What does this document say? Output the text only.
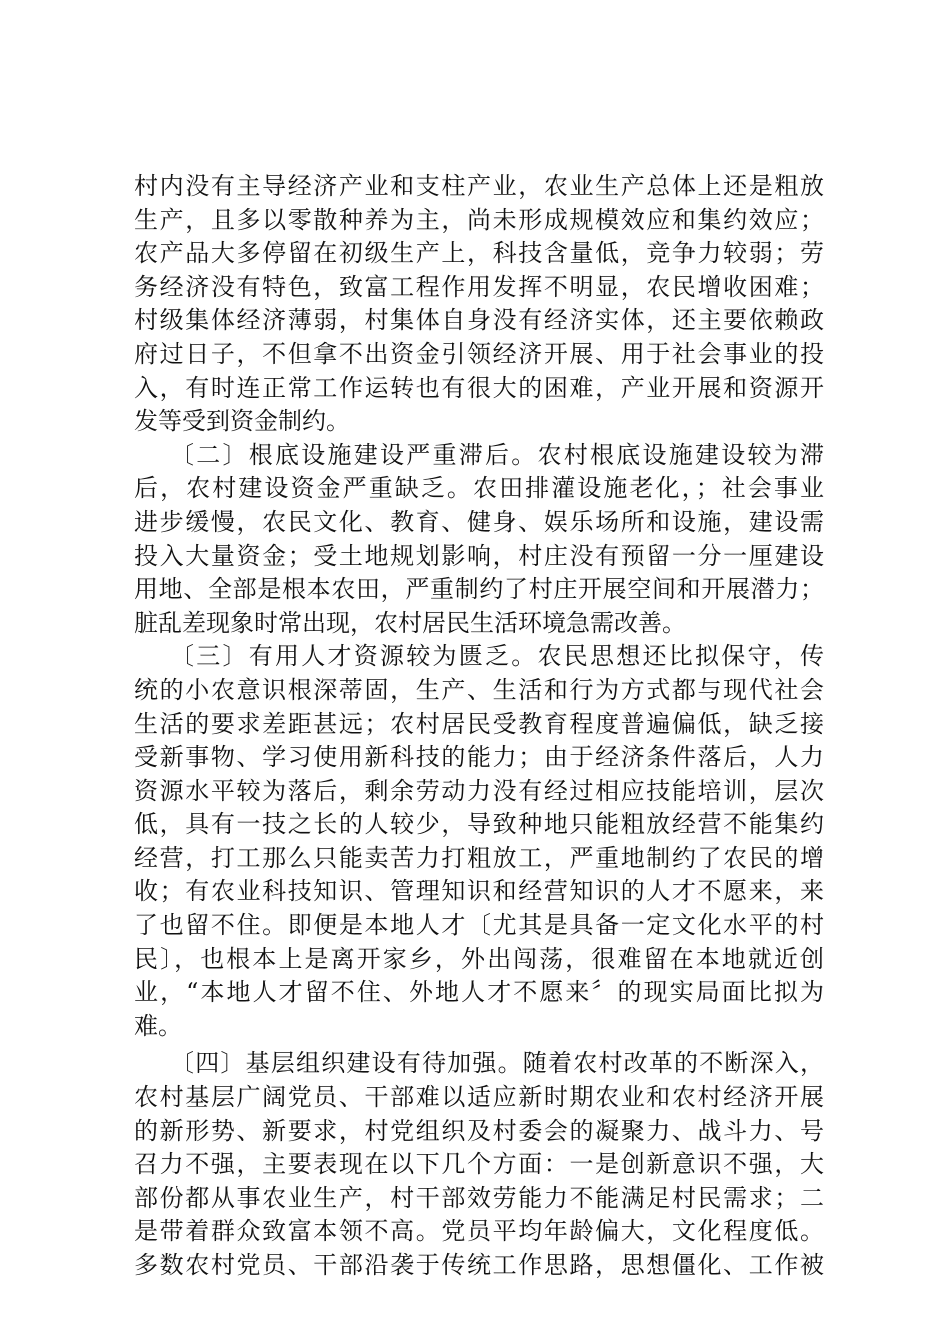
村内没有主导经济产业和支柱产业，农业生产总体上还是粗放
生产，且多以零散种养为主，尚未形成规模效应和集约效应；
农产品大多停留在初级生产上，科技含量低，竞争力较弱；劳
务经济没有特色，致富工程作用发挥不明显，农民增收困难；
村级集体经济薄弱，村集体自身没有经济实体，还主要依赖政
府过日子，不但拿不出资金引领经济开展、用于社会事业的投
入，有时连正常工作运转也有很大的困难，产业开展和资源开
发等受到资金制约。
〔二〕根底设施建设严重滞后。农村根底设施建设较为滞
后，农村建设资金严重缺乏。农田排灌设施老化，；社会事业
进步缓慢，农民文化、教育、健身、娱乐场所和设施，建设需
投入大量资金；受土地规划影响，村庄没有预留一分一厘建设
用地、全部是根本农田，严重制约了村庄开展空间和开展潜力；
脏乱差现象时常出现，农村居民生活环境急需改善。
〔三〕有用人才资源较为匮乏。农民思想还比拟保守，传
统的小农意识根深蒂固，生产、生活和行为方式都与现代社会
生活的要求差距甚远；农村居民受教育程度普遍偏低，缺乏接
受新事物、学习使用新科技的能力；由于经济条件落后，人力
资源水平较为落后，剩余劳动力没有经过相应技能培训，层次
低，具有一技之长的人较少，导致种地只能粗放经营不能集约
经营，打工那么只能卖苦力打粗放工，严重地制约了农民的增
收；有农业科技知识、管理知识和经营知识的人才不愿来，来
了也留不住。即便是本地人才〔尤其是具备一定文化水平的村
民〕，也根本上是离开家乡，外出闯荡，很难留在本地就近创
业，“本地人才留不住、外地人才不愿来〞的现实局面比拟为
难。
〔四〕基层组织建设有待加强。随着农村改革的不断深入，
农村基层广阔党员、干部难以适应新时期农业和农村经济开展
的新形势、新要求，村党组织及村委会的凝聚力、战斗力、号
召力不强，主要表现在以下几个方面：一是创新意识不强，大
部份都从事农业生产，村干部效劳能力不能满足村民需求；二
是带着群众致富本领不高。党员平均年龄偏大，文化程度低。
多数农村党员、干部沿袭于传统工作思路，思想僵化、工作被
